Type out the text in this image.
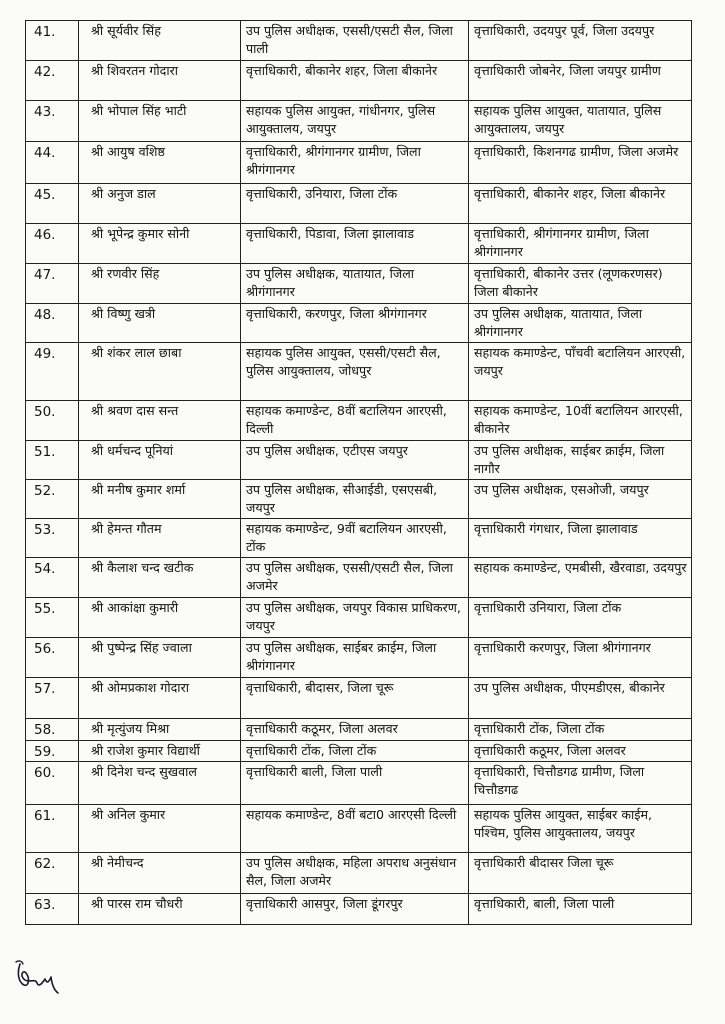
41.	श्री सूर्यवीर सिंह	उप पुलिस अधीक्षक, एससी/एसटी सैल, जिला पाली	वृत्ताधिकारी, उदयपुर पूर्व, जिला उदयपुर
42.	श्री शिवरतन गोदारा	वृत्ताधिकारी, बीकानेर शहर, जिला बीकानेर	वृत्ताधिकारी जोबनेर, जिला जयपुर ग्रामीण
43.	श्री भोपाल सिंह भाटी	सहायक पुलिस आयुक्त, गांधीनगर, पुलिस आयुक्तालय, जयपुर	सहायक पुलिस आयुक्त, यातायात, पुलिस आयुक्तालय, जयपुर
44.	श्री आयुष वशिष्ठ	वृत्ताधिकारी, श्रीगंगानगर ग्रामीण, जिला श्रीगंगानगर	वृत्ताधिकारी, किशनगढ ग्रामीण, जिला अजमेर
45.	श्री अनुज डाल	वृत्ताधिकारी, उनियारा, जिला टोंक	वृत्ताधिकारी, बीकानेर शहर, जिला बीकानेर
46.	श्री भूपेन्द्र कुमार सोनी	वृत्ताधिकारी, पिडावा, जिला झालावाड	वृत्ताधिकारी, श्रीगंगानगर ग्रामीण, जिला श्रीगंगानगर
47.	श्री रणवीर सिंह	उप पुलिस अधीक्षक, यातायात, जिला श्रीगंगानगर	वृत्ताधिकारी, बीकानेर उत्तर (लूणकरणसर) जिला बीकानेर
48.	श्री विष्णु खत्री	वृत्ताधिकारी, करणपुर, जिला श्रीगंगानगर	उप पुलिस अधीक्षक, यातायात, जिला श्रीगंगानगर
49.	श्री शंकर लाल छाबा	सहायक पुलिस आयुक्त, एससी/एसटी सैल, पुलिस आयुक्तालय, जोधपुर	सहायक कमाण्डेन्ट, पाँचवी बटालियन आरएसी, जयपुर
50.	श्री श्रवण दास सन्त	सहायक कमाण्डेन्ट, 8वीं बटालियन आरएसी, दिल्ली	सहायक कमाण्डेन्ट, 10वीं बटालियन आरएसी, बीकानेर
51.	श्री धर्मचन्द पूनियां	उप पुलिस अधीक्षक, एटीएस जयपुर	उप पुलिस अधीक्षक, साईबर क्राईम, जिला नागौर
52.	श्री मनीष कुमार शर्मा	उप पुलिस अधीक्षक, सीआईडी, एसएसबी, जयपुर	उप पुलिस अधीक्षक, एसओजी, जयपुर
53.	श्री हेमन्त गौतम	सहायक कमाण्डेन्ट, 9वीं बटालियन आरएसी, टोंक	वृत्ताधिकारी गंगधार, जिला झालावाड
54.	श्री कैलाश चन्द खटीक	उप पुलिस अधीक्षक, एससी/एसटी सैल, जिला अजमेर	सहायक कमाण्डेन्ट, एमबीसी, खैरवाडा, उदयपुर
55.	श्री आकांक्षा कुमारी	उप पुलिस अधीक्षक, जयपुर विकास प्राधिकरण, जयपुर	वृत्ताधिकारी उनियारा, जिला टोंक
56.	श्री पुष्पेन्द्र सिंह ज्वाला	उप पुलिस अधीक्षक, साईबर क्राईम, जिला श्रीगंगानगर	वृत्ताधिकारी करणपुर, जिला श्रीगंगानगर
57.	श्री ओमप्रकाश गोदारा	वृत्ताधिकारी, बीदासर, जिला चूरू	उप पुलिस अधीक्षक, पीएमडीएस, बीकानेर
58.	श्री मृत्युंजय मिश्रा	वृत्ताधिकारी कठूमर, जिला अलवर	वृत्ताधिकारी टोंक, जिला टोंक
59.	श्री राजेश कुमार विद्यार्थी	वृत्ताधिकारी टोंक, जिला टोंक	वृत्ताधिकारी कठूमर, जिला अलवर
60.	श्री दिनेश चन्द सुखवाल	वृत्ताधिकारी बाली, जिला पाली	वृत्ताधिकारी, चित्तौडगढ ग्रामीण, जिला चित्तौडगढ
61.	श्री अनिल कुमार	सहायक कमाण्डेन्ट, 8वीं बटा0 आरएसी दिल्ली	सहायक पुलिस आयुक्त, साईबर काईम, पश्चिम, पुलिस आयुक्तालय, जयपुर
62.	श्री नेमीचन्द	उप पुलिस अधीक्षक, महिला अपराध अनुसंधान सैल, जिला अजमेर	वृत्ताधिकारी बीदासर जिला चूरू
63.	श्री पारस राम चौधरी	वृत्ताधिकारी आसपुर, जिला डूंगरपुर	वृत्ताधिकारी, बाली, जिला पाली
